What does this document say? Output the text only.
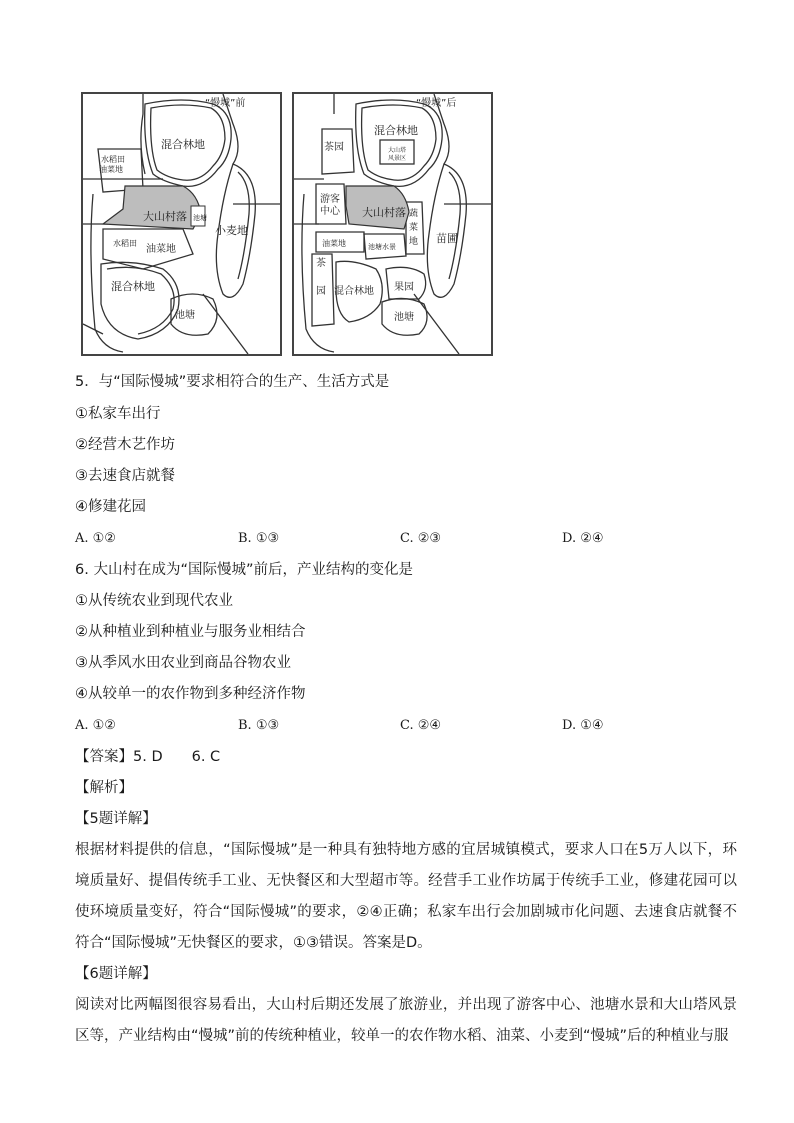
“慢城”前
混合林地
水稻田
油菜地
大山村落 池塘
小麦地
水稻田
油菜地
混合林地
池塘
“慢城”后
茶园
混合林地
大山塔
风景区
游客
中心 大山村落 蔬
菜
地 苗圃
油菜地	池塘水景
茶
园 混合林地 果园
池塘
5．与“国际慢城”要求相符合的生产、生活方式是
①私家车出行
②经营木艺作坊
③去速食店就餐
④修建花园
A. ①②	B. ①③	C. ②③	D. ②④
6. 大山村在成为“国际慢城”前后，产业结构的变化是
①从传统农业到现代农业
②从种植业到种植业与服务业相结合
③从季风水田农业到商品谷物农业
④从较单一的农作物到多种经济作物
A. ①②	B. ①③	C. ②④	D. ①④
【答案】5. D　　6. C
【解析】
【5题详解】
根据材料提供的信息，“国际慢城”是一种具有独特地方感的宜居城镇模式，要求人口在5万人以下，环境质量好、提倡传统手工业、无快餐区和大型超市等。经营手工业作坊属于传统手工业，修建花园可以使环境质量变好，符合“国际慢城”的要求，②④正确；私家车出行会加剧城市化问题、去速食店就餐不符合“国际慢城”无快餐区的要求，①③错误。答案是D。
【6题详解】
阅读对比两幅图很容易看出，大山村后期还发展了旅游业，并出现了游客中心、池塘水景和大山塔风景区等，产业结构由“慢城”前的传统种植业，较单一的农作物水稻、油菜、小麦到“慢城”后的种植业与服
